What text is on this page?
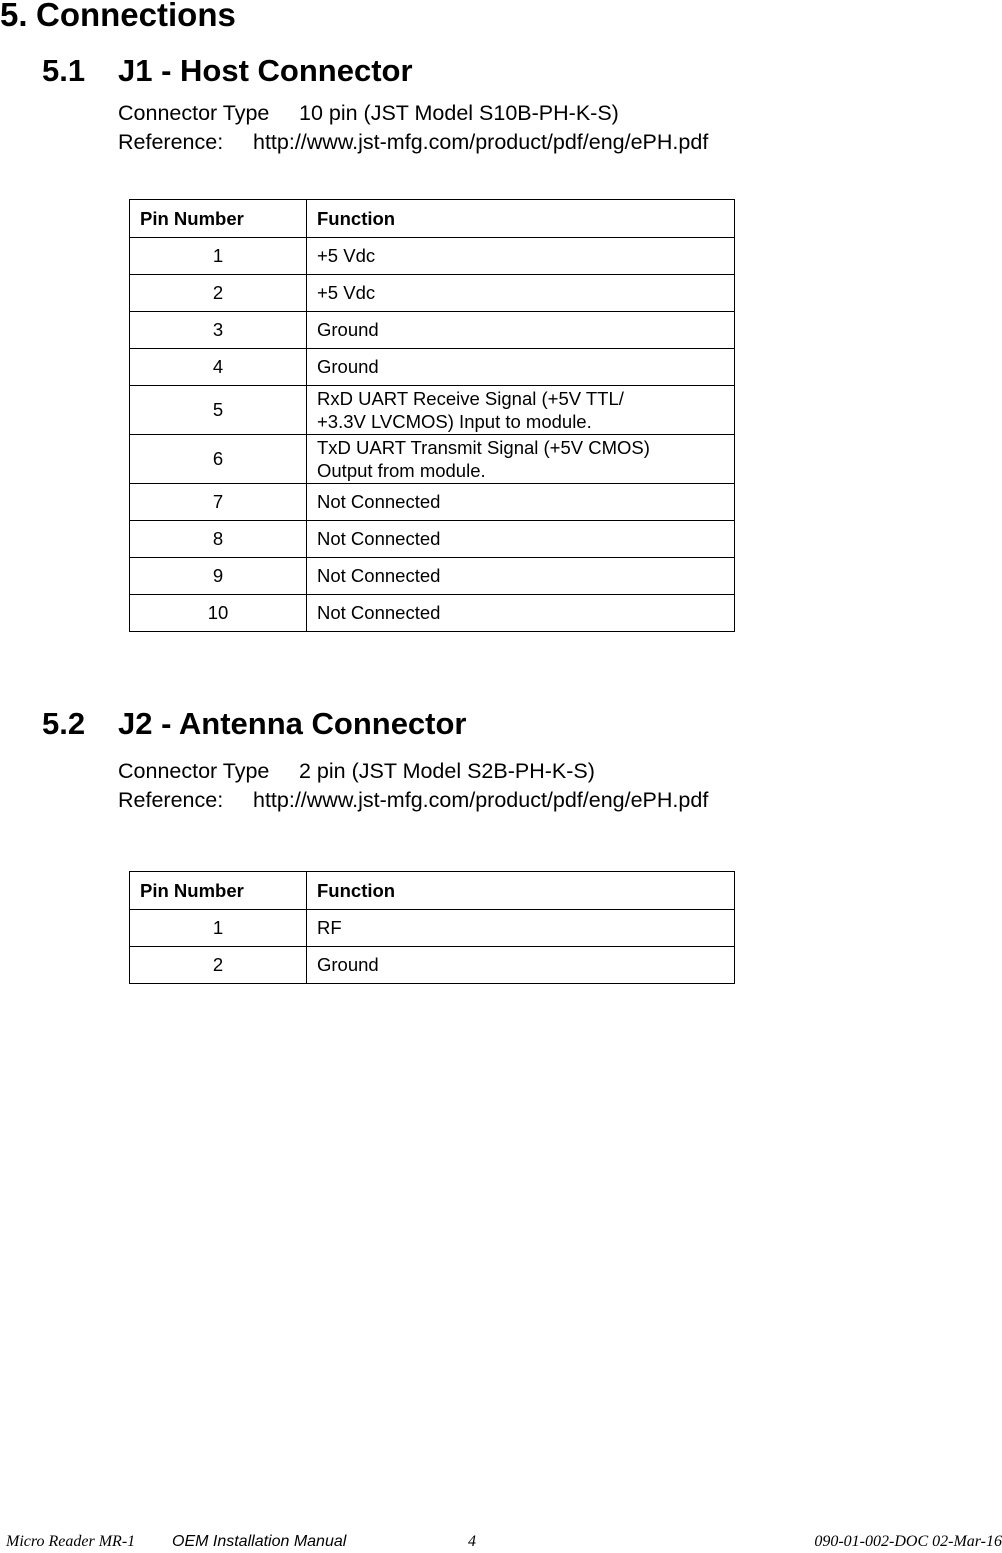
5. Connections
5.1 J1 - Host Connector
Connector Type 10 pin (JST Model S10B-PH-K-S)
Reference: http://www.jst-mfg.com/product/pdf/eng/ePH.pdf
Pin Number	Function
1	+5 Vdc
2	+5 Vdc
3	Ground
4	Ground
5	RxD UART Receive Signal (+5V TTL/
+3.3V LVCMOS) Input to module.

6	TxD UART Transmit Signal (+5V CMOS)
Output from module.

7	Not Connected
8	Not Connected
9	Not Connected
10	Not Connected
5.2 J2 - Antenna Connector
Connector Type 2 pin (JST Model S2B-PH-K-S)
Reference: http://www.jst-mfg.com/product/pdf/eng/ePH.pdf
Pin Number	Function
1	RF
2	Ground
Micro Reader MR-1 OEM Installation Manual	4	090-01-002-DOC 02-Mar-16
